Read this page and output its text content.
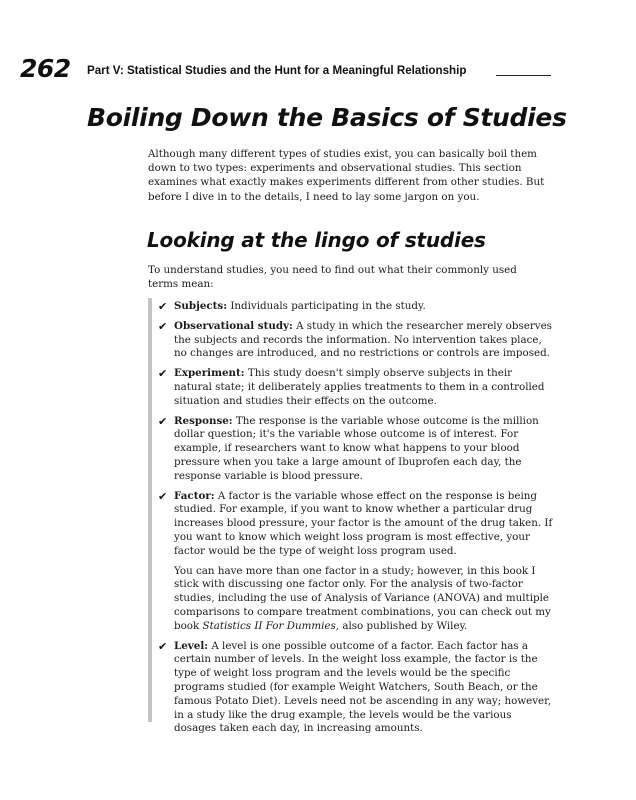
262 Part V: Statistical Studies and the Hunt for a Meaningful Relationship
Boiling Down the Basics of Studies

Although many different types of studies exist, you can basically boil them down to two types: experiments and observational studies. This section examines what exactly makes experiments different from other studies. But before I dive in to the details, I need to lay some jargon on you.

Looking at the lingo of studies

To understand studies, you need to find out what their commonly used terms mean:

✔ Subjects: Individuals participating in the study.
✔ Observational study: A study in which the researcher merely observes the subjects and records the information. No intervention takes place, no changes are introduced, and no restrictions or controls are imposed.
✔ Experiment: This study doesn't simply observe subjects in their natural state; it deliberately applies treatments to them in a controlled situation and studies their effects on the outcome.
✔ Response: The response is the variable whose outcome is the million dollar question; it's the variable whose outcome is of interest. For example, if researchers want to know what happens to your blood pressure when you take a large amount of Ibuprofen each day, the response variable is blood pressure.
✔ Factor: A factor is the variable whose effect on the response is being studied. For example, if you want to know whether a particular drug increases blood pressure, your factor is the amount of the drug taken. If you want to know which weight loss program is most effective, your factor would be the type of weight loss program used.

You can have more than one factor in a study; however, in this book I stick with discussing one factor only. For the analysis of two-factor studies, including the use of Analysis of Variance (ANOVA) and multiple comparisons to compare treatment combinations, you can check out my book Statistics II For Dummies, also published by Wiley.

✔ Level: A level is one possible outcome of a factor. Each factor has a certain number of levels. In the weight loss example, the factor is the type of weight loss program and the levels would be the specific programs studied (for example Weight Watchers, South Beach, or the famous Potato Diet). Levels need not be ascending in any way; however, in a study like the drug example, the levels would be the various dosages taken each day, in increasing amounts.
